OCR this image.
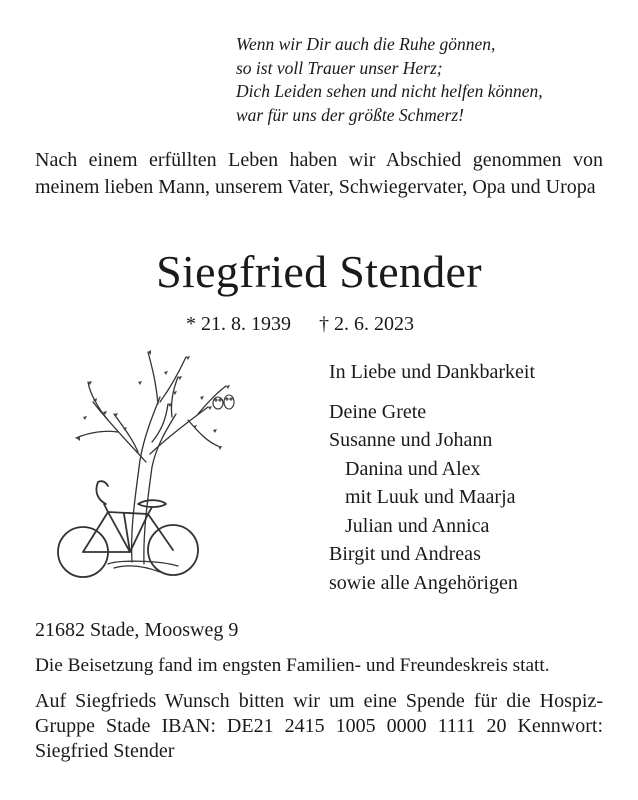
Wenn wir Dir auch die Ruhe gönnen,
so ist voll Trauer unser Herz;
Dich Leiden sehen und nicht helfen können,
war für uns der größte Schmerz!
Nach einem erfüllten Leben haben wir Abschied genommen von meinem lieben Mann, unserem Vater, Schwiegervater, Opa und Uropa
Siegfried Stender
* 21. 8. 1939 † 2. 6. 2023
In Liebe und Dankbarkeit
Deine Grete
Susanne und Johann
Danina und Alex
mit Luuk und Maarja
Julian und Annica
Birgit und Andreas
sowie alle Angehörigen
21682 Stade, Moosweg 9
Die Beisetzung fand im engsten Familien- und Freundeskreis statt.
Auf Siegfrieds Wunsch bitten wir um eine Spende für die Hospiz-Gruppe Stade IBAN: DE21 2415 1005 0000 1111 20 Kennwort: Siegfried Stender
